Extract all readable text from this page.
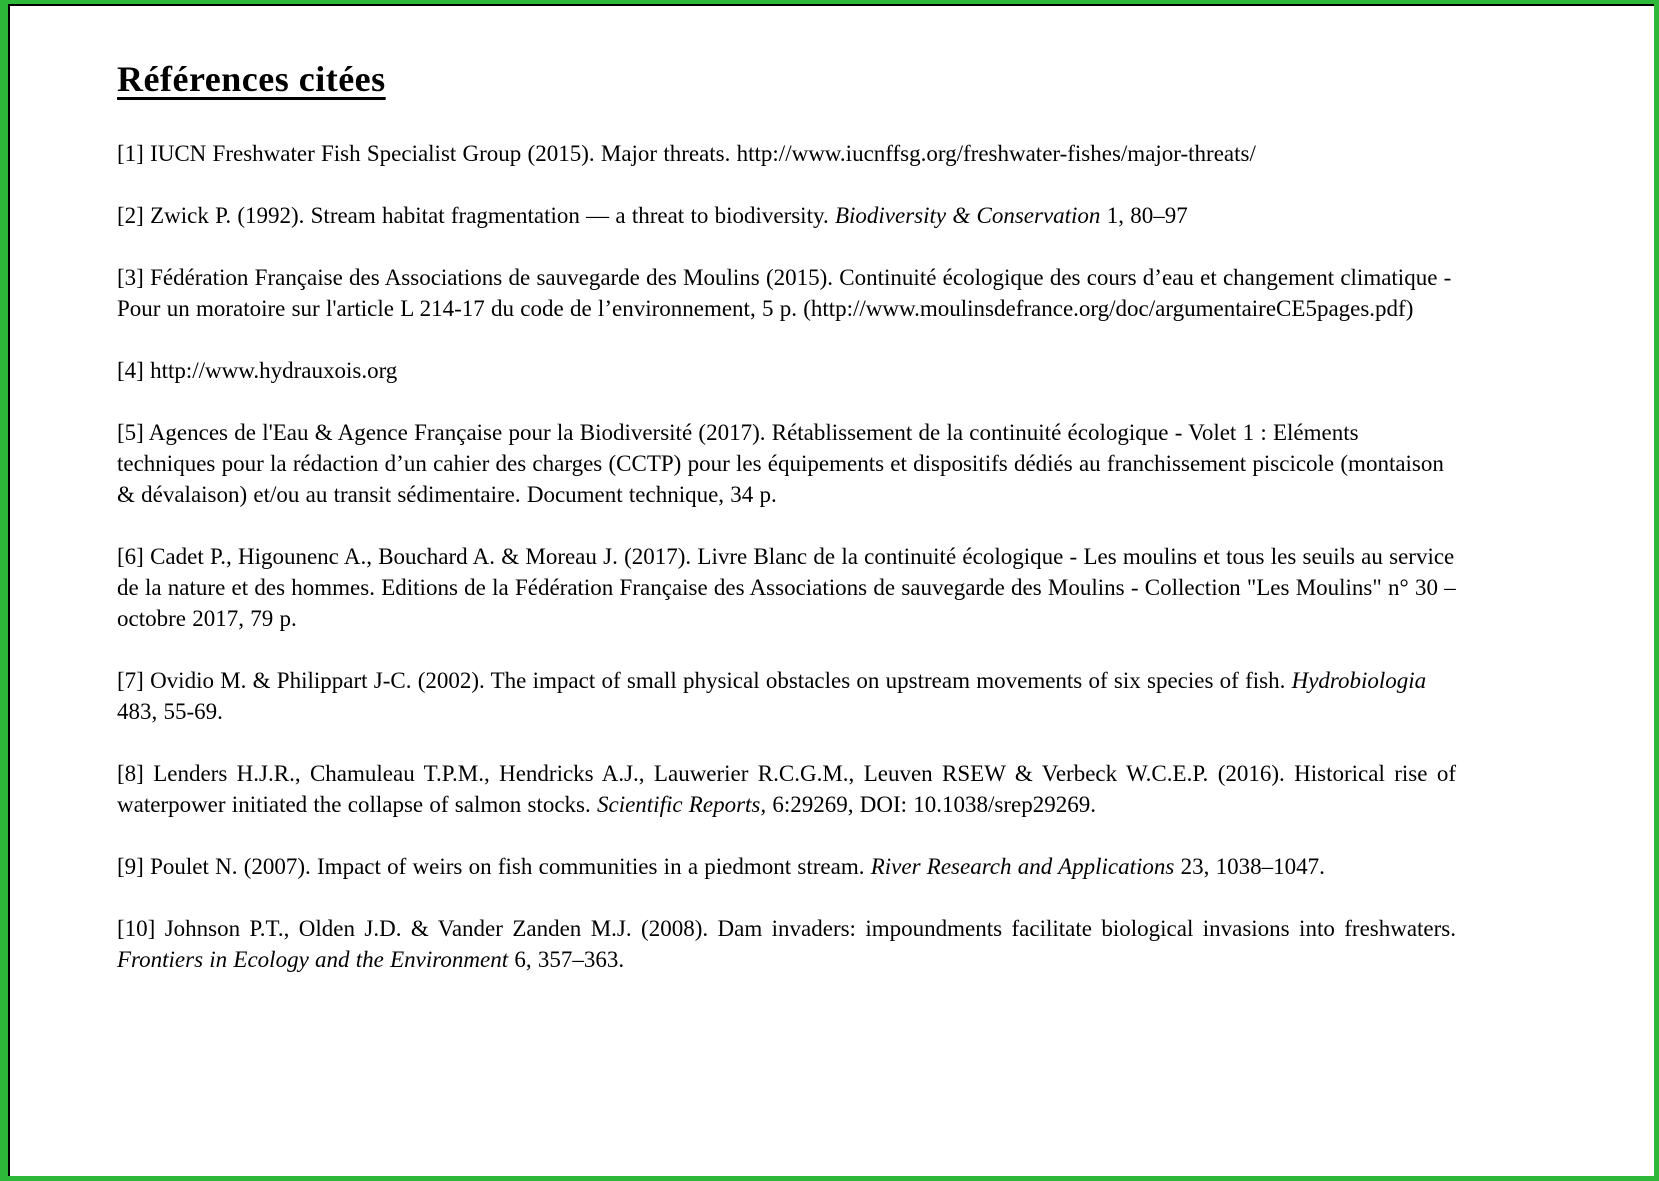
Références citées

[1] IUCN Freshwater Fish Specialist Group (2015). Major threats. http://www.iucnffsg.org/freshwater-fishes/major-threats/

[2] Zwick P. (1992). Stream habitat fragmentation — a threat to biodiversity. Biodiversity & Conservation 1, 80–97

[3] Fédération Française des Associations de sauvegarde des Moulins (2015). Continuité écologique des cours d’eau et changement climatique - Pour un moratoire sur l'article L 214-17 du code de l’environnement, 5 p. (http://www.moulinsdefrance.org/doc/argumentaireCE5pages.pdf)

[4] http://www.hydrauxois.org

[5] Agences de l'Eau & Agence Française pour la Biodiversité (2017). Rétablissement de la continuité écologique - Volet 1 : Eléments techniques pour la rédaction d’un cahier des charges (CCTP) pour les équipements et dispositifs dédiés au franchissement piscicole (montaison & dévalaison) et/ou au transit sédimentaire. Document technique, 34 p.

[6] Cadet P., Higounenc A., Bouchard A. & Moreau J. (2017). Livre Blanc de la continuité écologique - Les moulins et tous les seuils au service de la nature et des hommes. Editions de la Fédération Française des Associations de sauvegarde des Moulins - Collection "Les Moulins" n° 30 – octobre 2017, 79 p.

[7] Ovidio M. & Philippart J-C. (2002). The impact of small physical obstacles on upstream movements of six species of fish. Hydrobiologia 483, 55-69.

[8] Lenders H.J.R., Chamuleau T.P.M., Hendricks A.J., Lauwerier R.C.G.M., Leuven RSEW & Verbeck W.C.E.P. (2016). Historical rise of waterpower initiated the collapse of salmon stocks. Scientific Reports, 6:29269, DOI: 10.1038/srep29269.

[9] Poulet N. (2007). Impact of weirs on fish communities in a piedmont stream. River Research and Applications 23, 1038–1047.

[10] Johnson P.T., Olden J.D. & Vander Zanden M.J. (2008). Dam invaders: impoundments facilitate biological invasions into freshwaters. Frontiers in Ecology and the Environment 6, 357–363.
